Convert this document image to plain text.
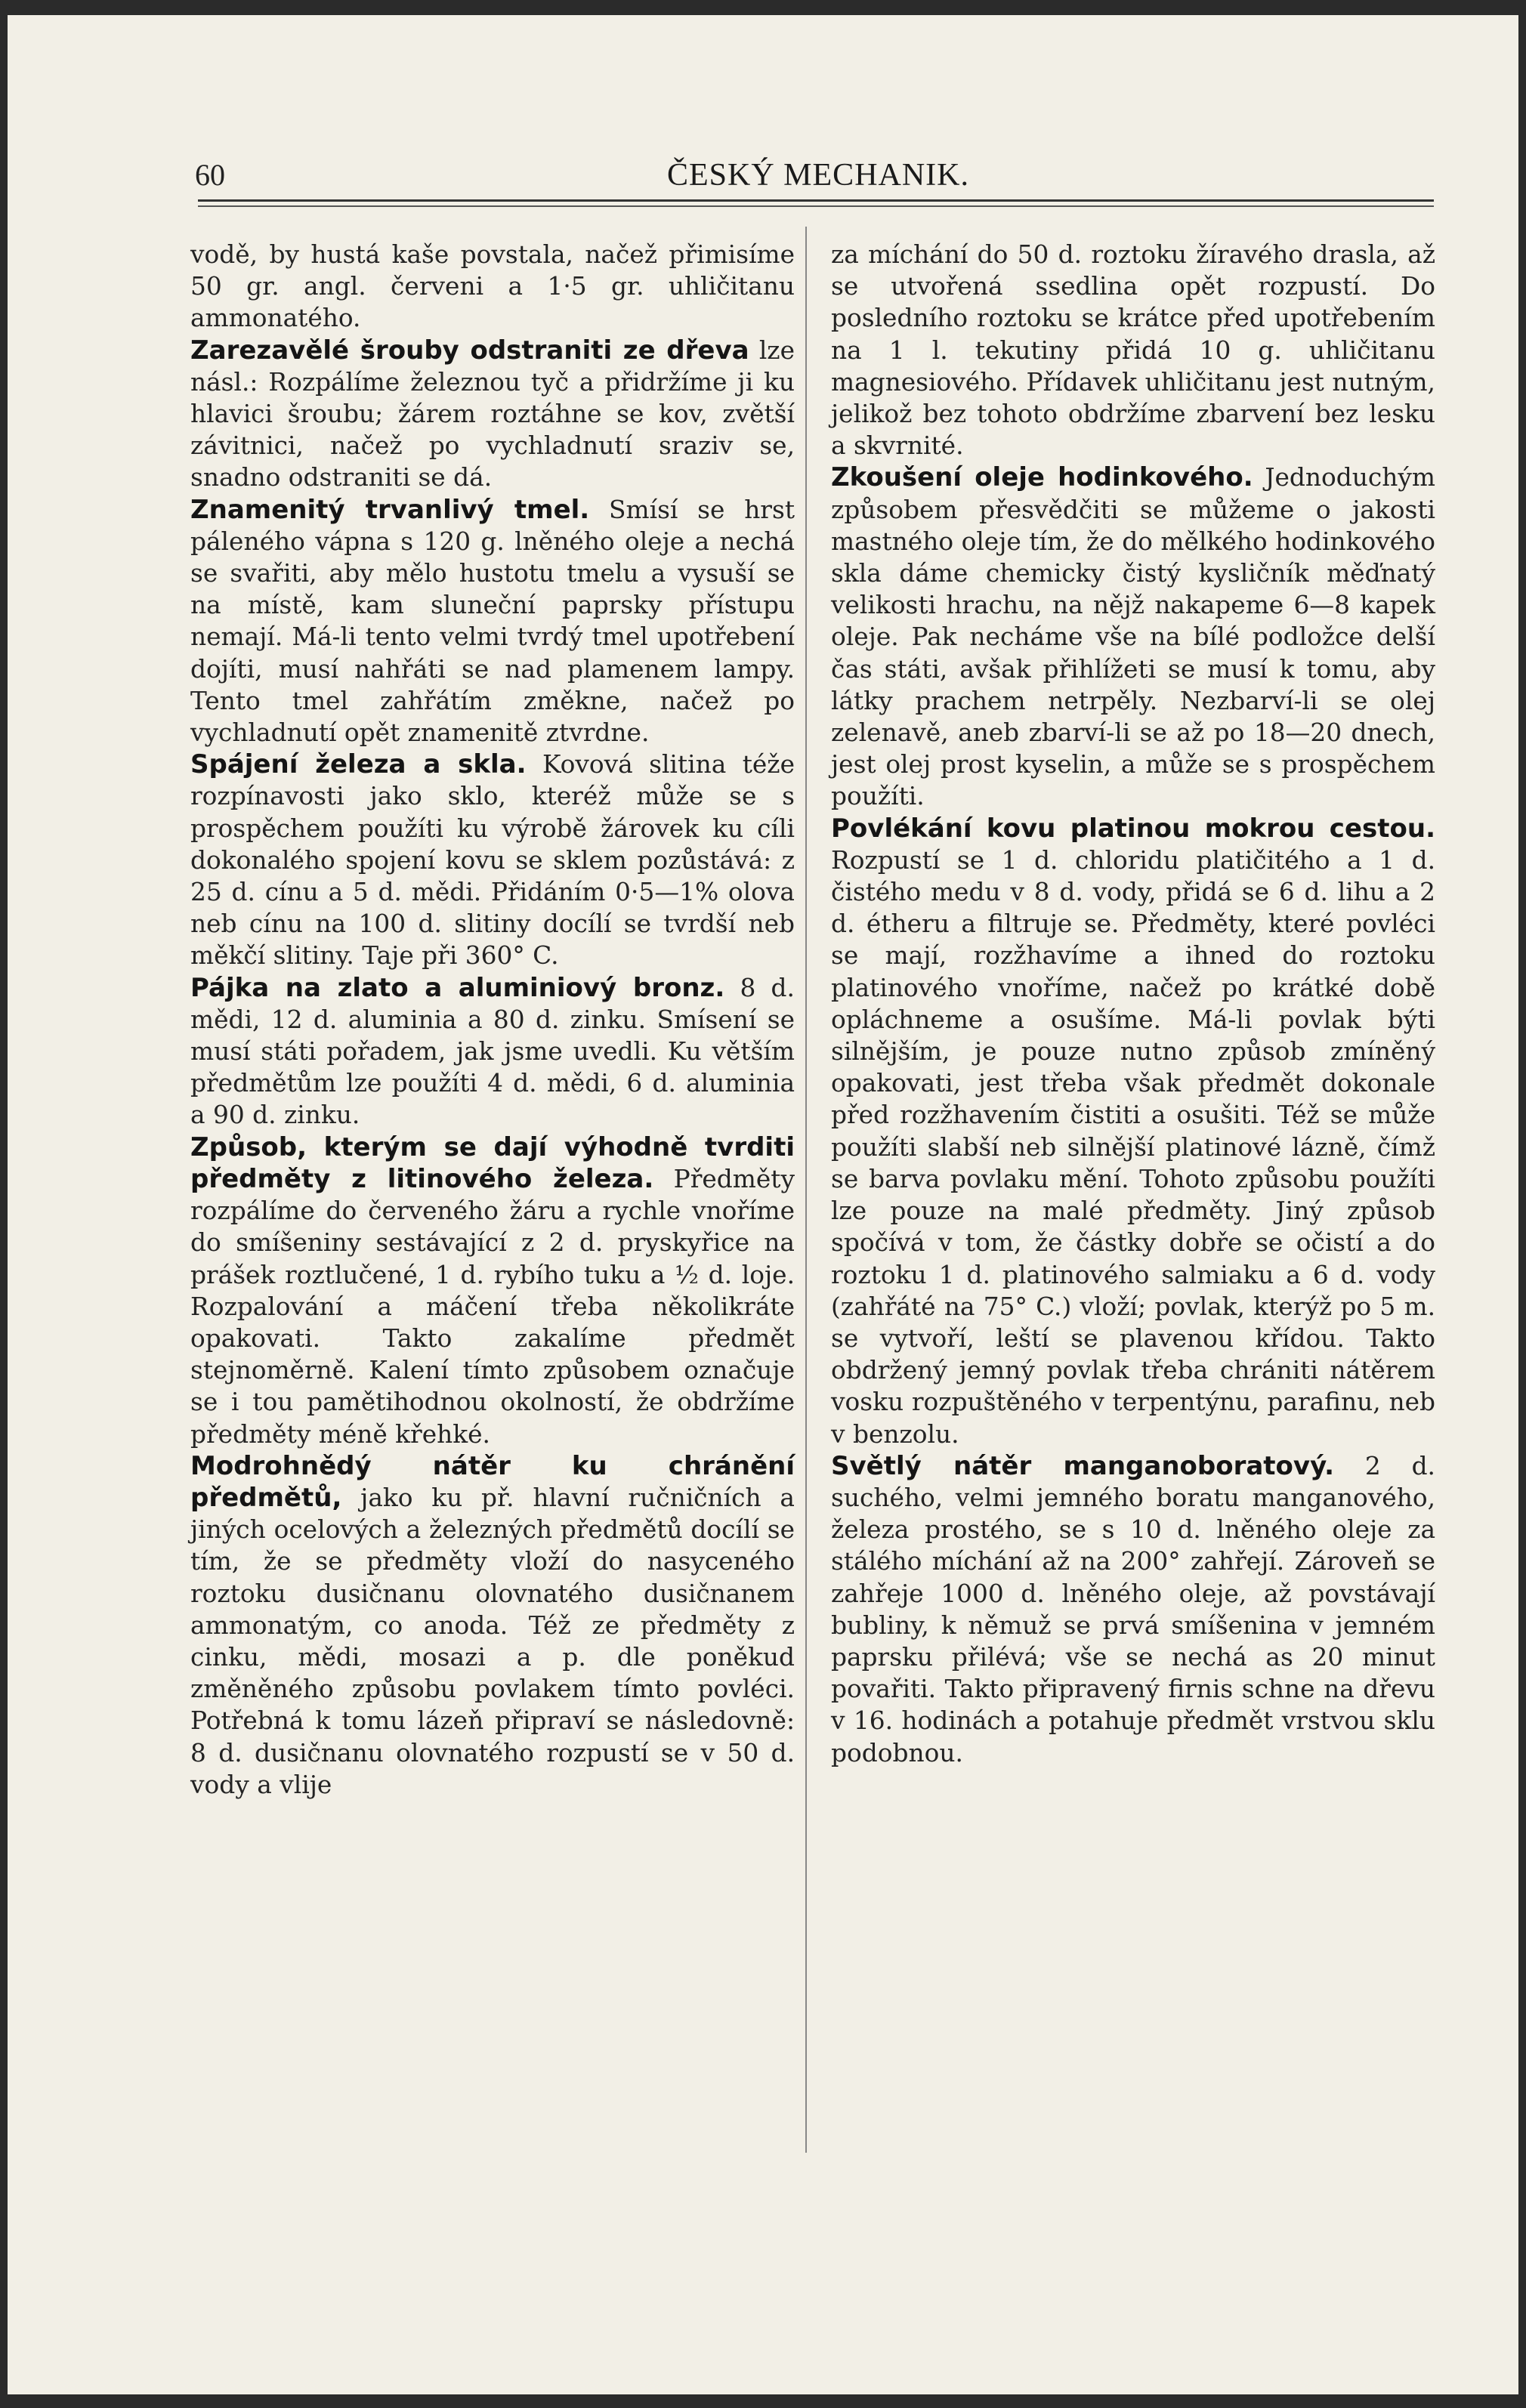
60	ČESKÝ MECHANIK.

vodě, by hustá kaše povstala, načež přimisíme 50 gr. angl. červeni a 1·5 gr. uhličitanu ammonatého.

Zarezavělé šrouby odstraniti ze dřeva lze násl.: Rozpálíme železnou tyč a přidržíme ji ku hlavici šroubu; žárem roztáhne se kov, zvětší závitnici, načež po vychladnutí sraziv se, snadno odstraniti se dá.

Znamenitý trvanlivý tmel. Smísí se hrst páleného vápna s 120 g. lněného oleje a nechá se svařiti, aby mělo hustotu tmelu a vysuší se na místě, kam sluneční paprsky přístupu nemají. Má-li tento velmi tvrdý tmel upotřebení dojíti, musí nahřáti se nad plamenem lampy. Tento tmel zahřátím změkne, načež po vychladnutí opět znamenitě ztvrdne.

Spájení železa a skla. Kovová slitina téže rozpínavosti jako sklo, kteréž může se s prospěchem použíti ku výrobě žárovek ku cíli dokonalého spojení kovu se sklem pozůstává: z 25 d. cínu a 5 d. mědi. Přidáním 0·5—1% olova neb cínu na 100 d. slitiny docílí se tvrdší neb měkčí slitiny. Taje při 360° C.

Pájka na zlato a aluminiový bronz. 8 d. mědi, 12 d. aluminia a 80 d. zinku. Smísení se musí státi pořadem, jak jsme uvedli. Ku větším předmětům lze použíti 4 d. mědi, 6 d. aluminia a 90 d. zinku.

Způsob, kterým se dají výhodně tvrditi předměty z litinového železa. Předměty rozpálíme do červeného žáru a rychle vnoříme do smíšeniny sestávající z 2 d. pryskyřice na prášek roztlučené, 1 d. rybího tuku a ½ d. loje. Rozpalování a máčení třeba několikráte opakovati. Takto zakalíme předmět stejnoměrně. Kalení tímto způsobem označuje se i tou pamětihodnou okolností, že obdržíme předměty méně křehké.

Modrohnědý nátěr ku chránění předmětů, jako ku př. hlavní ručničních a jiných ocelových a železných předmětů docílí se tím, že se předměty vloží do nasyceného roztoku dusičnanu olovnatého dusičnanem ammonatým, co anoda. Též ze předměty z cinku, mědi, mosazi a p. dle poněkud změněného způsobu povlakem tímto povléci. Potřebná k tomu lázeň připraví se následovně: 8 d. dusičnanu olovnatého rozpustí se v 50 d. vody a vlije

za míchání do 50 d. roztoku žíravého drasla, až se utvořená ssedlina opět rozpustí. Do posledního roztoku se krátce před upotřebením na 1 l. tekutiny přidá 10 g. uhličitanu magnesiového. Přídavek uhličitanu jest nutným, jelikož bez tohoto obdržíme zbarvení bez lesku a skvrnité.

Zkoušení oleje hodinkového. Jednoduchým způsobem přesvědčiti se můžeme o jakosti mastného oleje tím, že do mělkého hodinkového skla dáme chemicky čistý kysličník měďnatý velikosti hrachu, na nějž nakapeme 6—8 kapek oleje. Pak necháme vše na bílé podložce delší čas státi, avšak přihlížeti se musí k tomu, aby látky prachem netrpěly. Nezbarví-li se olej zelenavě, aneb zbarví-li se až po 18—20 dnech, jest olej prost kyselin, a může se s prospěchem použíti.

Povlékání kovu platinou mokrou cestou. Rozpustí se 1 d. chloridu platičitého a 1 d. čistého medu v 8 d. vody, přidá se 6 d. lihu a 2 d. étheru a filtruje se. Předměty, které povléci se mají, rozžhavíme a ihned do roztoku platinového vnoříme, načež po krátké době opláchneme a osušíme. Má-li povlak býti silnějším, je pouze nutno způsob zmíněný opakovati, jest třeba však předmět dokonale před rozžhavením čistiti a osušiti. Též se může použíti slabší neb silnější platinové lázně, čímž se barva povlaku mění. Tohoto způsobu použíti lze pouze na malé předměty. Jiný způsob spočívá v tom, že částky dobře se očistí a do roztoku 1 d. platinového salmiaku a 6 d. vody (zahřáté na 75° C.) vloží; povlak, kterýž po 5 m. se vytvoří, leští se plavenou křídou. Takto obdržený jemný povlak třeba chrániti nátěrem vosku rozpuštěného v terpentýnu, parafinu, neb v benzolu.

Světlý nátěr manganoboratový. 2 d. suchého, velmi jemného boratu manganového, železa prostého, se s 10 d. lněného oleje za stálého míchání až na 200° zahřejí. Zároveň se zahřeje 1000 d. lněného oleje, až povstávají bubliny, k němuž se prvá smíšenina v jemném paprsku přilévá; vše se nechá as 20 minut povařiti. Takto připravený firnis schne na dřevu v 16. hodinách a potahuje předmět vrstvou sklu podobnou.
